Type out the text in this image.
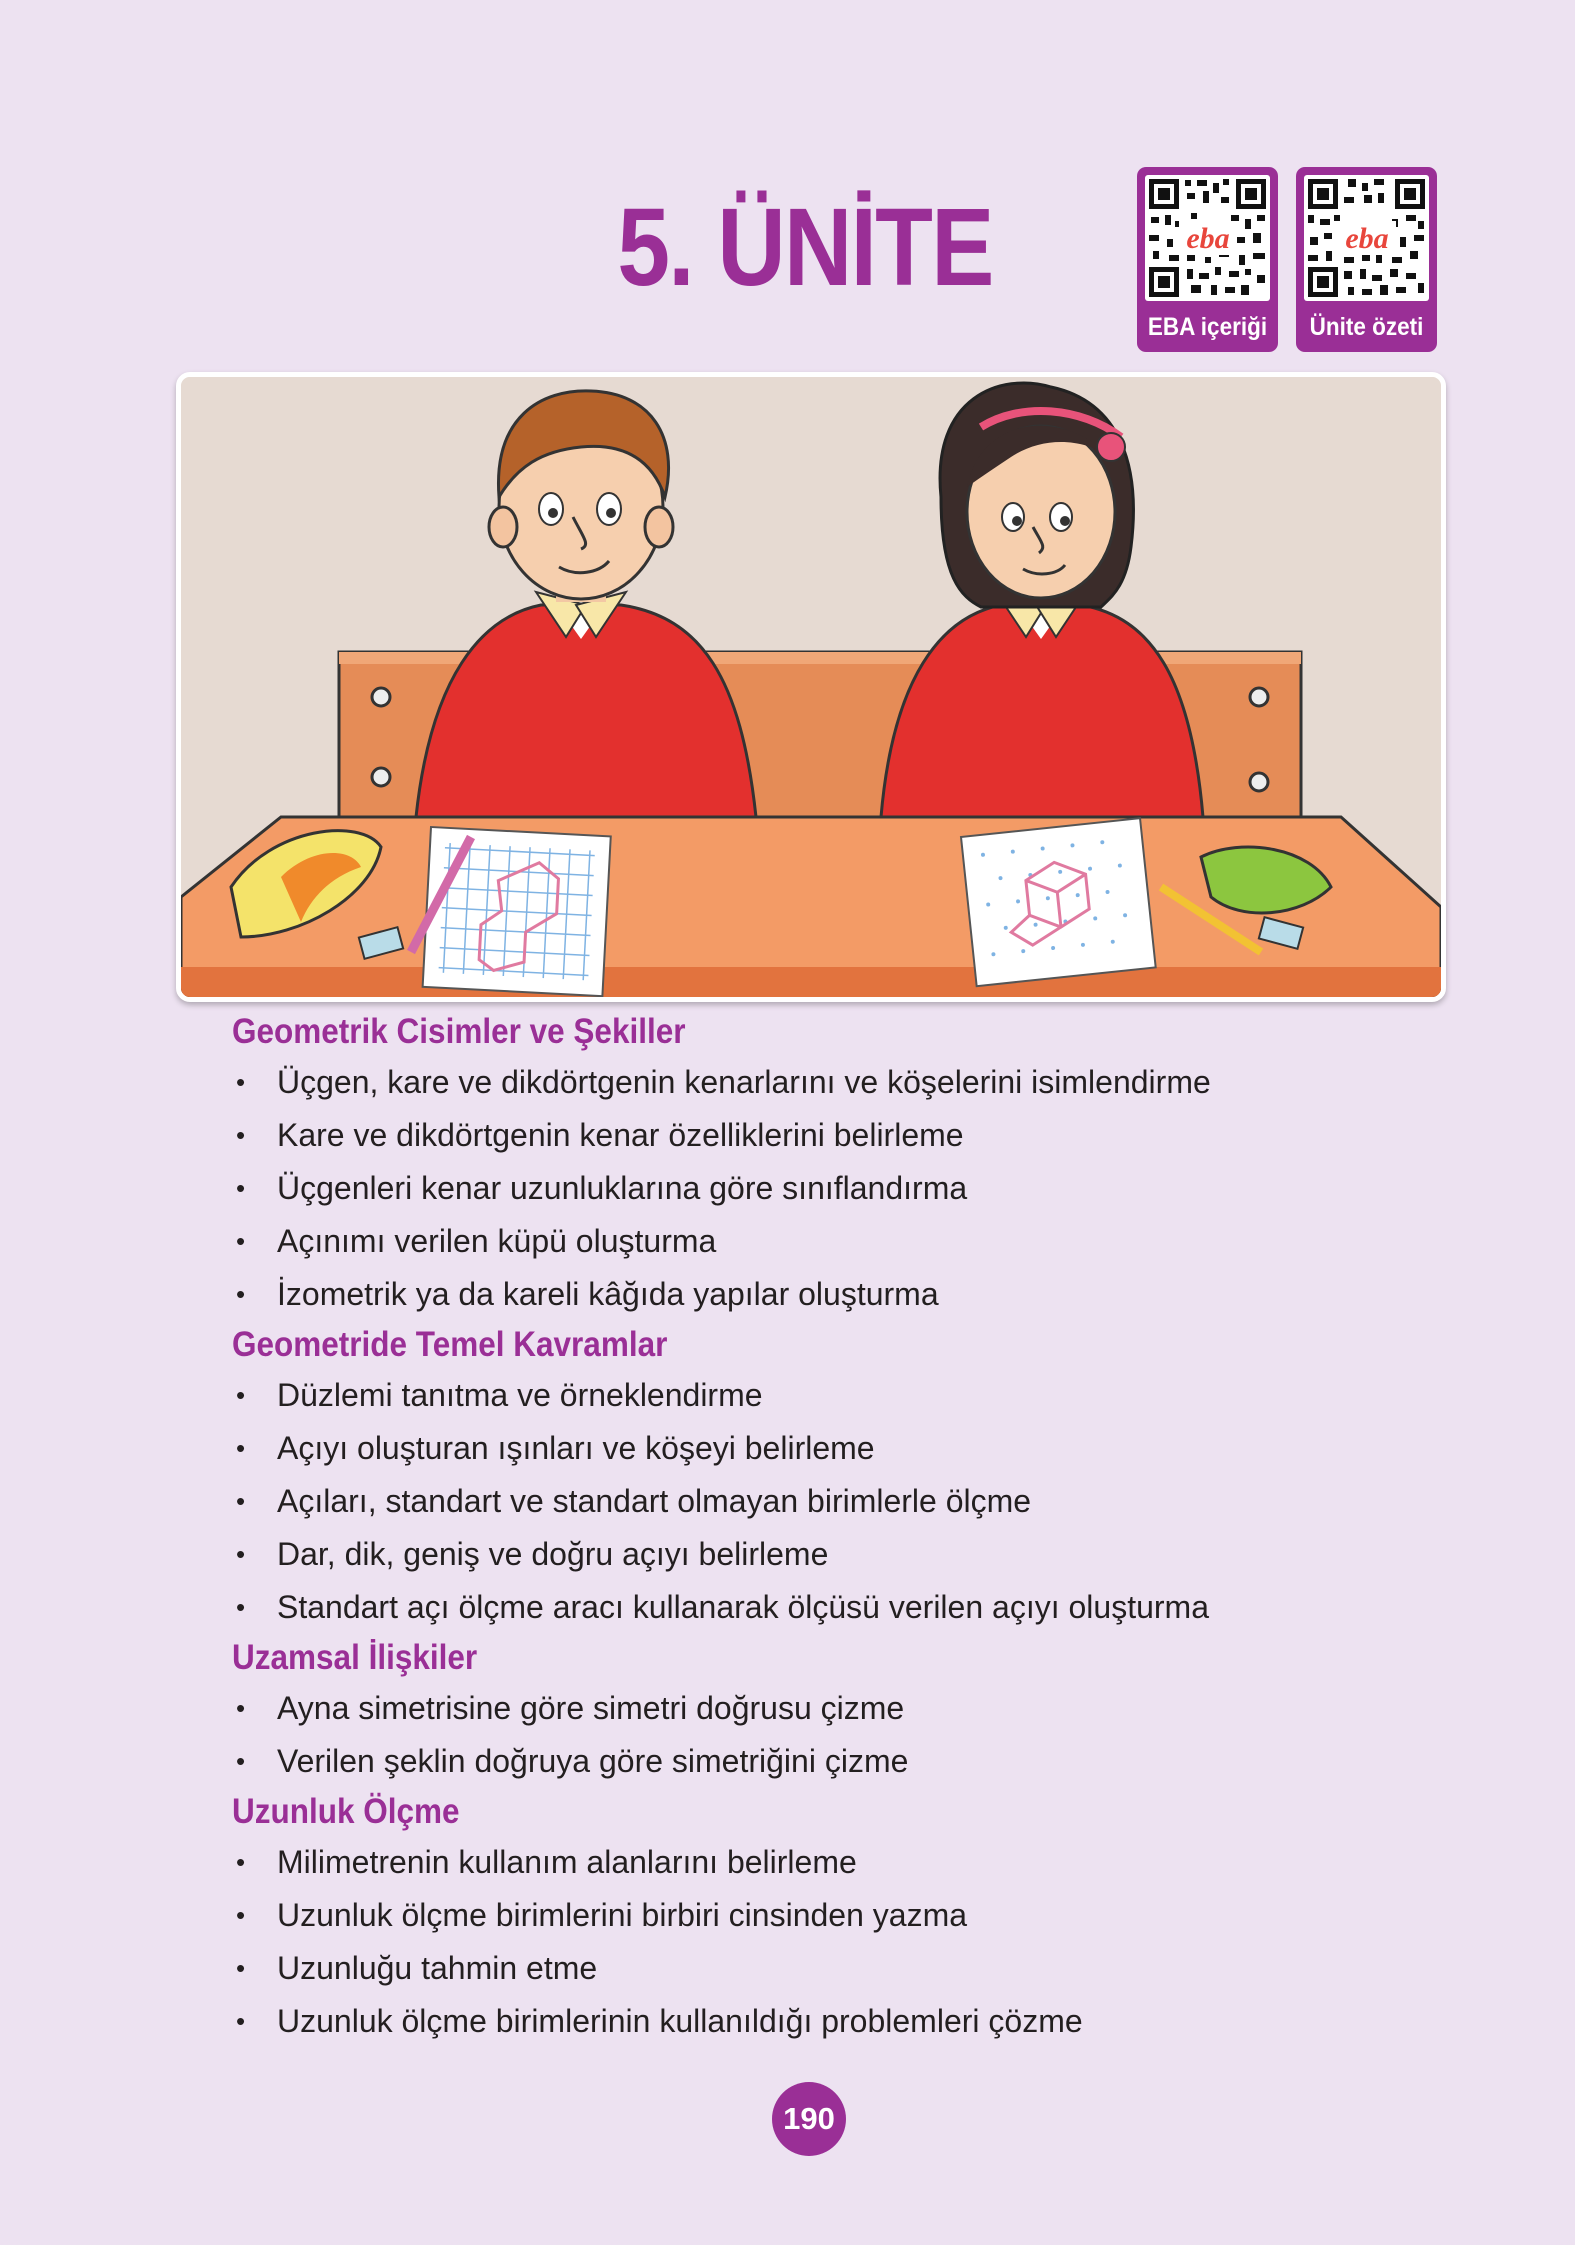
5. ÜNİTE	eba
EBA içeriği
eba
Ünite özeti
Geometrik Cisimler ve Şekiller
• Üçgen, kare ve dikdörtgenin kenarlarını ve köşelerini isimlendirme
• Kare ve dikdörtgenin kenar özelliklerini belirleme
• Üçgenleri kenar uzunluklarına göre sınıflandırma
• Açınımı verilen küpü oluşturma
• İzometrik ya da kareli kâğıda yapılar oluşturma
Geometride Temel Kavramlar
• Düzlemi tanıtma ve örneklendirme
• Açıyı oluşturan ışınları ve köşeyi belirleme
• Açıları, standart ve standart olmayan birimlerle ölçme
• Dar, dik, geniş ve doğru açıyı belirleme
• Standart açı ölçme aracı kullanarak ölçüsü verilen açıyı oluşturma
Uzamsal İlişkiler
• Ayna simetrisine göre simetri doğrusu çizme
• Verilen şeklin doğruya göre simetriğini çizme
Uzunluk Ölçme
• Milimetrenin kullanım alanlarını belirleme
• Uzunluk ölçme birimlerini birbiri cinsinden yazma
• Uzunluğu tahmin etme
• Uzunluk ölçme birimlerinin kullanıldığı problemleri çözme
190
